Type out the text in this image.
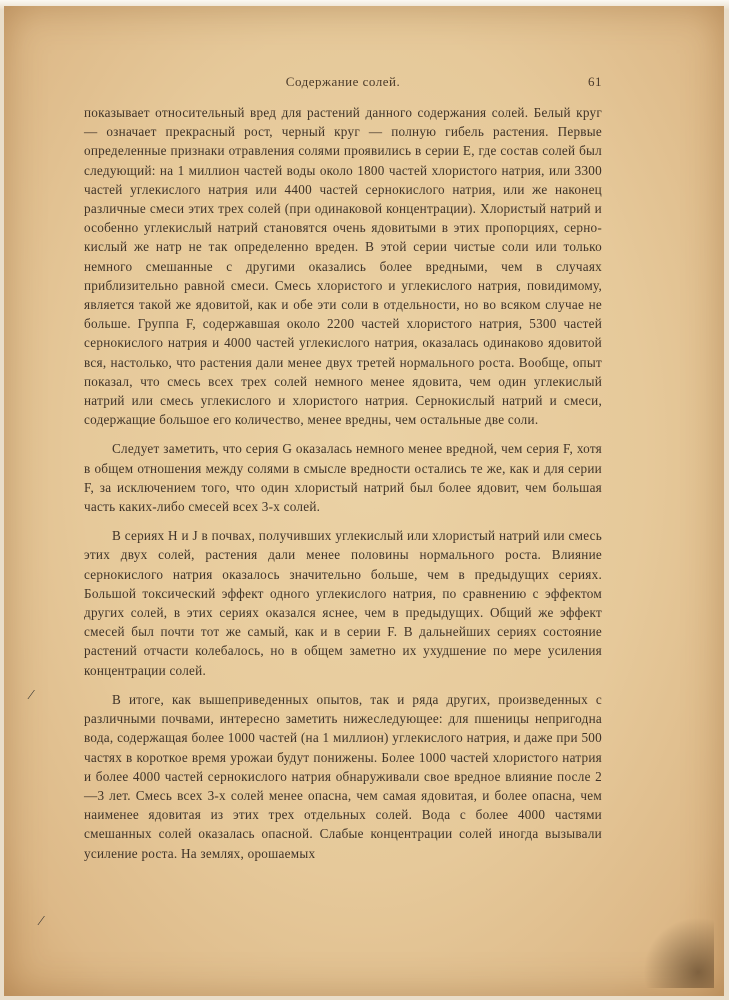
Содержание солей.	61

показывает относительный вред для растений данного содержания солей. Белый круг — означает прекрасный рост, черный круг — полную гибель растения. Первые определенные признаки отравления солями проявились в серии E, где состав солей был следующий: на 1 миллион частей воды около 1800 частей хлористого натрия, или 3300 частей углекислого натрия или 4400 частей сернокислого натрия, или же наконец различные смеси этих трех солей (при одинаковой концентрации). Хлористый натрий и особенно углекислый натрий становятся очень ядовитыми в этих пропорциях, серно-кислый же натр не так определенно вреден. В этой серии чистые соли или только немного смешанные с другими оказались более вредными, чем в случаях приблизительно равной смеси. Смесь хлористого и углекислого натрия, повидимому, является такой же ядовитой, как и обе эти соли в отдельности, но во всяком случае не больше. Группа F, содержавшая около 2200 частей хлористого натрия, 5300 частей сернокислого натрия и 4000 частей углекислого натрия, оказалась одинаково ядовитой вся, настолько, что растения дали менее двух третей нормального роста. Вообще, опыт показал, что смесь всех трех солей немного менее ядовита, чем один углекислый натрий или смесь углекислого и хлористого натрия. Сернокислый натрий и смеси, содержащие большое его количество, менее вредны, чем остальные две соли.

Следует заметить, что серия G оказалась немного менее вредной, чем серия F, хотя в общем отношения между солями в смысле вредности остались те же, как и для серии F, за исключением того, что один хлористый натрий был более ядовит, чем большая часть каких-либо смесей всех 3-х солей.

В сериях H и J в почвах, получивших углекислый или хлористый натрий или смесь этих двух солей, растения дали менее половины нормального роста. Влияние сернокислого натрия оказалось значительно больше, чем в предыдущих сериях. Большой токсический эффект одного углекислого натрия, по сравнению с эффектом других солей, в этих сериях оказался яснее, чем в предыдущих. Общий же эффект смесей был почти тот же самый, как и в серии F. В дальнейших сериях состояние растений отчасти колебалось, но в общем заметно их ухудшение по мере усиления концентрации солей.

В итоге, как вышеприведенных опытов, так и ряда других, произведенных с различными почвами, интересно заметить нижеследующее: для пшеницы непригодна вода, содержащая более 1000 частей (на 1 миллион) углекислого натрия, и даже при 500 частях в короткое время урожаи будут понижены. Более 1000 частей хлористого натрия и более 4000 частей сернокислого натрия обнаруживали свое вредное влияние после 2—3 лет. Смесь всех 3-х солей менее опасна, чем самая ядовитая, и более опасна, чем наименее ядовитая из этих трех отдельных солей. Вода с более 4000 частями смешанных солей оказалась опасной. Слабые концентрации солей иногда вызывали усиление роста. На землях, орошаемых

⁄
⁄
